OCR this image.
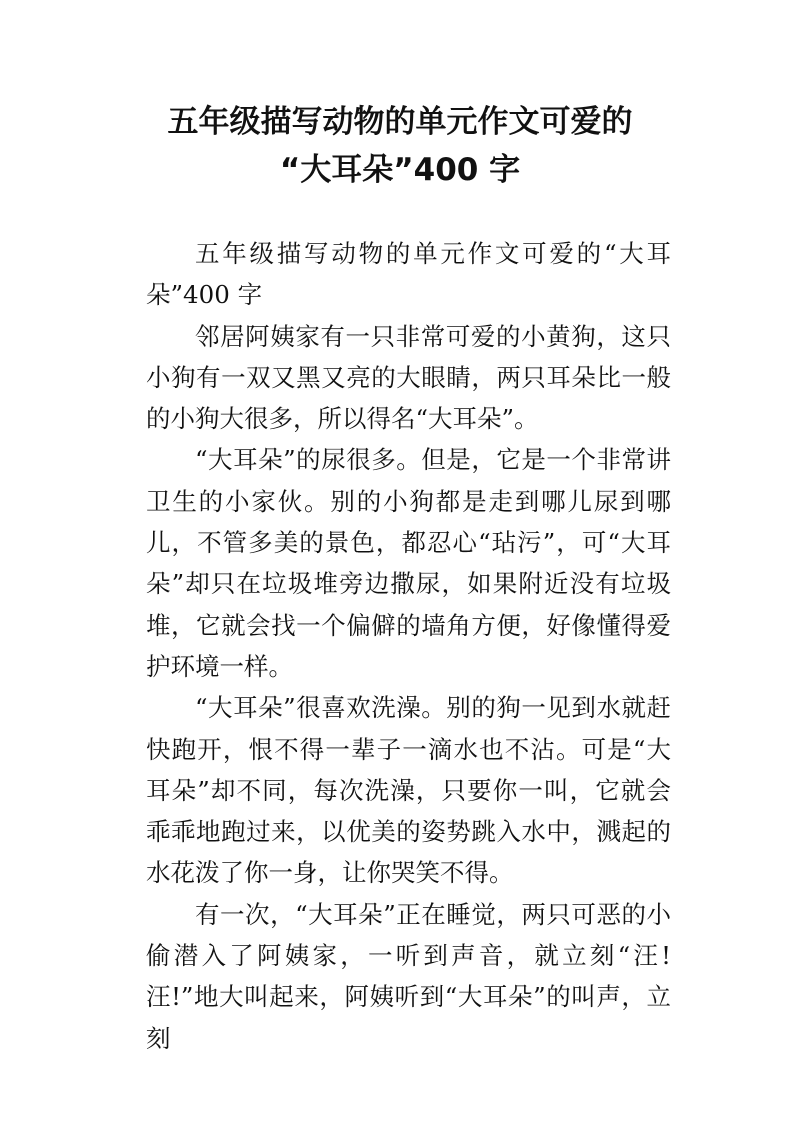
五年级描写动物的单元作文可爱的
“大耳朵”400 字

五年级描写动物的单元作文可爱的“大耳朵”400 字

邻居阿姨家有一只非常可爱的小黄狗，这只小狗有一双又黑又亮的大眼睛，两只耳朵比一般的小狗大很多，所以得名“大耳朵”。

“大耳朵”的尿很多。但是，它是一个非常讲卫生的小家伙。别的小狗都是走到哪儿尿到哪儿，不管多美的景色，都忍心“玷污”，可“大耳朵”却只在垃圾堆旁边撒尿，如果附近没有垃圾堆，它就会找一个偏僻的墙角方便，好像懂得爱护环境一样。

“大耳朵”很喜欢洗澡。别的狗一见到水就赶快跑开，恨不得一辈子一滴水也不沾。可是“大耳朵”却不同，每次洗澡，只要你一叫，它就会乖乖地跑过来，以优美的姿势跳入水中，溅起的水花泼了你一身，让你哭笑不得。

有一次，“大耳朵”正在睡觉，两只可恶的小偷潜入了阿姨家，一听到声音，就立刻“汪!汪!”地大叫起来，阿姨听到“大耳朵”的叫声，立刻
